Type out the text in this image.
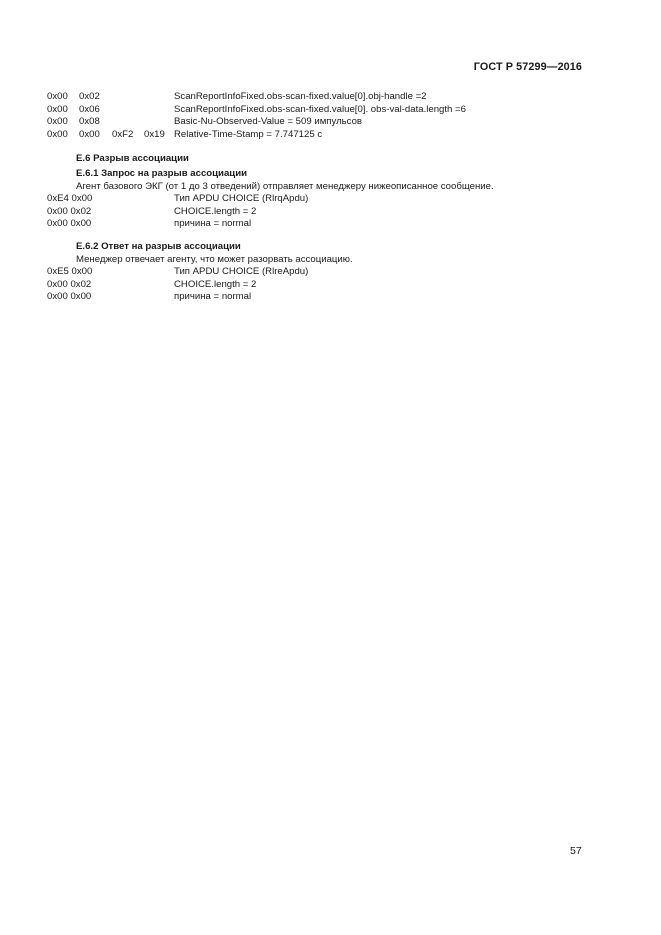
ГОСТ Р 57299—2016
0x00 0x02	ScanReportInfoFixed.obs-scan-fixed.value[0].obj-handle =2
0x00 0x06	ScanReportInfoFixed.obs-scan-fixed.value[0]. obs-val-data.length =6
0x00 0x08	Basic-Nu-Observed-Value = 509 импульсов
0x00 0x00 0xF2 0x19 Relative-Time-Stamp = 7.747125 с
Е.6 Разрыв ассоциации
Е.6.1 Запрос на разрыв ассоциации
Агент базового ЭКГ (от 1 до 3 отведений) отправляет менеджеру нижеописанное сообщение.
0xE4 0x00	Тип APDU CHOICE (RlrqApdu)
0x00 0x02	CHOICE.length = 2
0x00 0x00	причина = normal
Е.6.2 Ответ на разрыв ассоциации
Менеджер отвечает агенту, что может разорвать ассоциацию.
0xE5 0x00	Тип APDU CHOICE (RlreApdu)
0x00 0x02	CHOICE.length = 2
0x00 0x00	причина = normal
57
